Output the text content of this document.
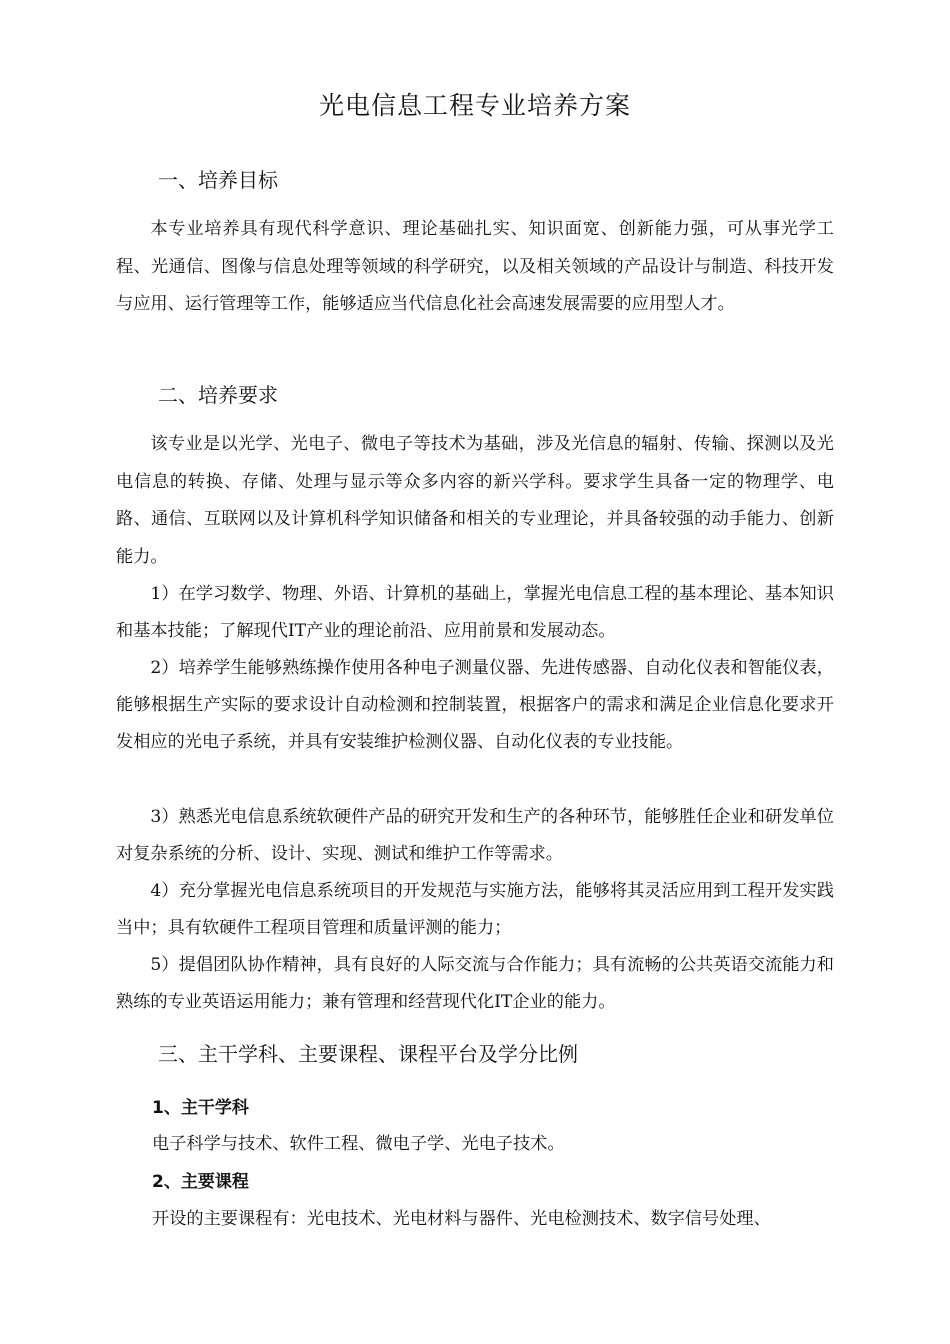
光电信息工程专业培养方案
一、培养目标
本专业培养具有现代科学意识、理论基础扎实、知识面宽、创新能力强，可从事光学工程、光通信、图像与信息处理等领域的科学研究，以及相关领域的产品设计与制造、科技开发与应用、运行管理等工作，能够适应当代信息化社会高速发展需要的应用型人才。
二、培养要求
该专业是以光学、光电子、微电子等技术为基础，涉及光信息的辐射、传输、探测以及光电信息的转换、存储、处理与显示等众多内容的新兴学科。要求学生具备一定的物理学、电路、通信、互联网以及计算机科学知识储备和相关的专业理论，并具备较强的动手能力、创新能力。
1）在学习数学、物理、外语、计算机的基础上，掌握光电信息工程的基本理论、基本知识和基本技能；了解现代IT产业的理论前沿、应用前景和发展动态。
2）培养学生能够熟练操作使用各种电子测量仪器、先进传感器、自动化仪表和智能仪表，能够根据生产实际的要求设计自动检测和控制装置，根据客户的需求和满足企业信息化要求开发相应的光电子系统，并具有安装维护检测仪器、自动化仪表的专业技能。
3）熟悉光电信息系统软硬件产品的研究开发和生产的各种环节，能够胜任企业和研发单位对复杂系统的分析、设计、实现、测试和维护工作等需求。
4）充分掌握光电信息系统项目的开发规范与实施方法，能够将其灵活应用到工程开发实践当中；具有软硬件工程项目管理和质量评测的能力；
5）提倡团队协作精神，具有良好的人际交流与合作能力；具有流畅的公共英语交流能力和熟练的专业英语运用能力；兼有管理和经营现代化IT企业的能力。
三、主干学科、主要课程、课程平台及学分比例
1、主干学科
电子科学与技术、软件工程、微电子学、光电子技术。
2、主要课程
开设的主要课程有：光电技术、光电材料与器件、光电检测技术、数字信号处理、
